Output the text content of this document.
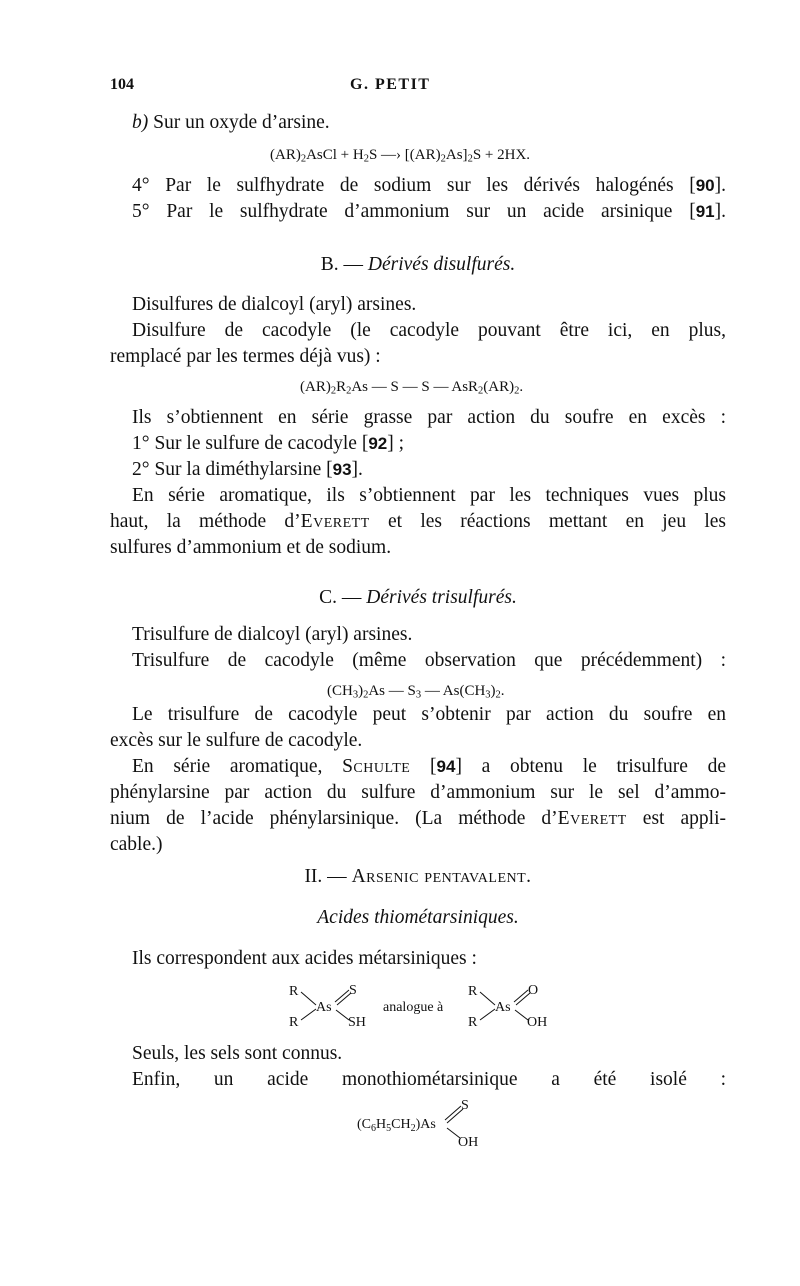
104	G. PETIT
b) Sur un oxyde d’arsine.
$(AR)_2AsCl + H_2S$ —› $[(AR)_2As]_2S + 2HX$.
4° Par le sulfhydrate de sodium sur les dérivés halogénés [90].
5° Par le sulfhydrate d’ammonium sur un acide arsinique [91].
B. — Dérivés disulfurés.
Disulfures de dialcoyl (aryl) arsines.
Disulfure de cacodyle (le cacodyle pouvant être ici, en plus,
remplacé par les termes déjà vus) :
$(AR)_2R_2As$ — S — S — $AsR_2(AR)_2$.
Ils s’obtiennent en série grasse par action du soufre en excès :
1° Sur le sulfure de cacodyle [92] ;
2° Sur la diméthylarsine [93].
En série aromatique, ils s’obtiennent par les techniques vues plus
haut, la méthode d’Everett et les réactions mettant en jeu les
sulfures d’ammonium et de sodium.
C. — Dérivés trisulfurés.
Trisulfure de dialcoyl (aryl) arsines.
Trisulfure de cacodyle (même observation que précédemment) :
$(CH_3)_2As$ — $S_3$ — $As(CH_3)_2$.
Le trisulfure de cacodyle peut s’obtenir par action du soufre en
excès sur le sulfure de cacodyle.
En série aromatique, Schulte [94] a obtenu le trisulfure de
phénylarsine par action du sulfure d’ammonium sur le sel d’ammo-
nium de l’acide phénylarsinique. (La méthode d’Everett est appli-
cable.)
II. — Arsenic pentavalent.
Acides thiométarsiniques.
Ils correspondent aux acides métarsiniques :
R
R
As
S
SH
analogue à
R
R
As
O
OH
Seuls, les sels sont connus.
Enfin, un acide monothiométarsinique a été isolé :
$(C_6H_5CH_2)As$
S
OH
